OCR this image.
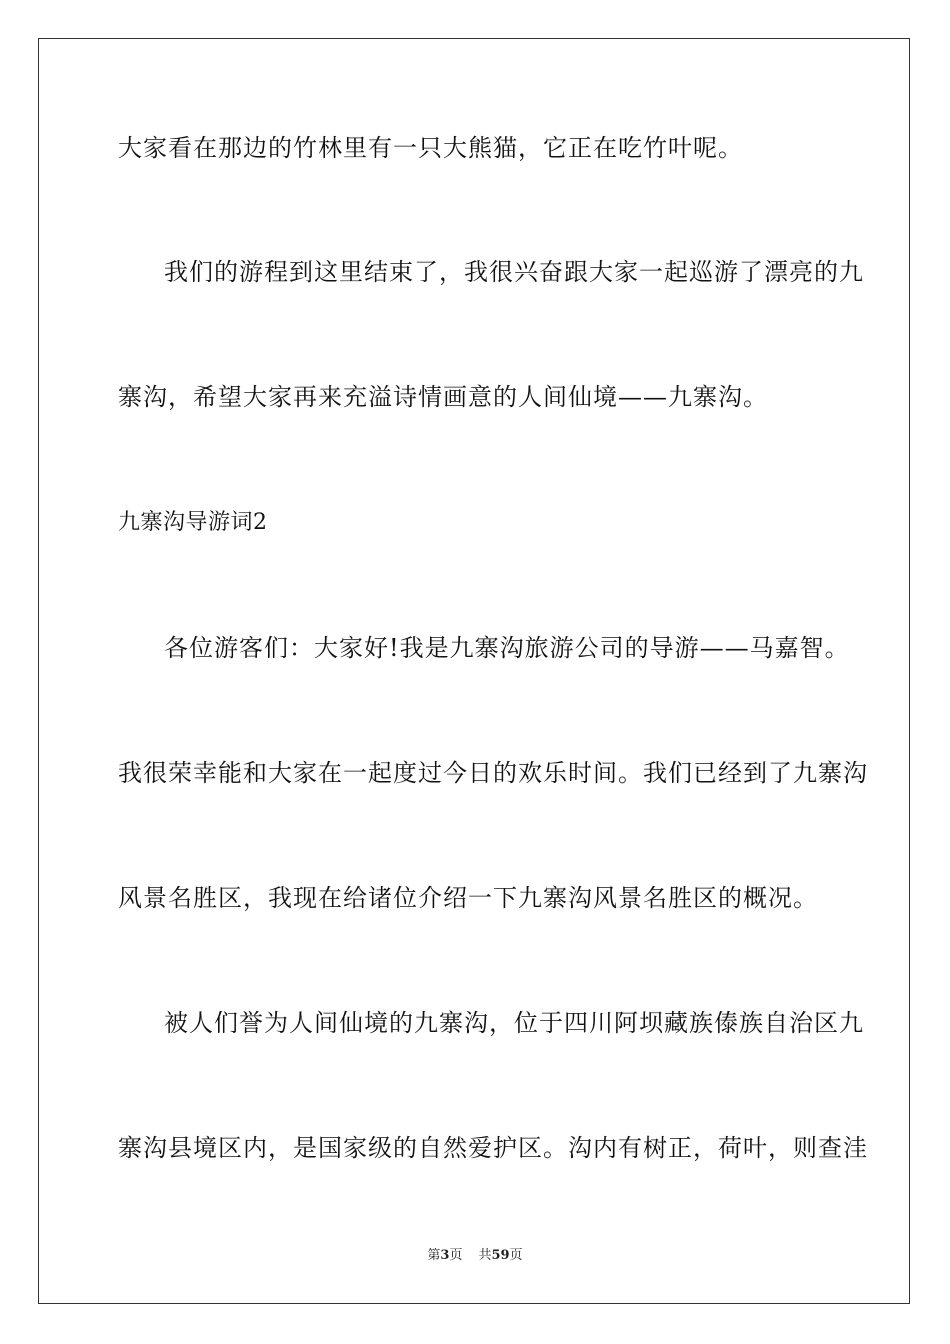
大家看在那边的竹林里有一只大熊猫，它正在吃竹叶呢。
我们的游程到这里结束了，我很兴奋跟大家一起巡游了漂亮的九
寨沟，希望大家再来充溢诗情画意的人间仙境——九寨沟。
九寨沟导游词2
各位游客们：大家好!我是九寨沟旅游公司的导游——马嘉智。
我很荣幸能和大家在一起度过今日的欢乐时间。我们已经到了九寨沟
风景名胜区，我现在给诸位介绍一下九寨沟风景名胜区的概况。
被人们誉为人间仙境的九寨沟，位于四川阿坝藏族傣族自治区九
寨沟县境区内，是国家级的自然爱护区。沟内有树正，荷叶，则查洼
第3页 共59页
